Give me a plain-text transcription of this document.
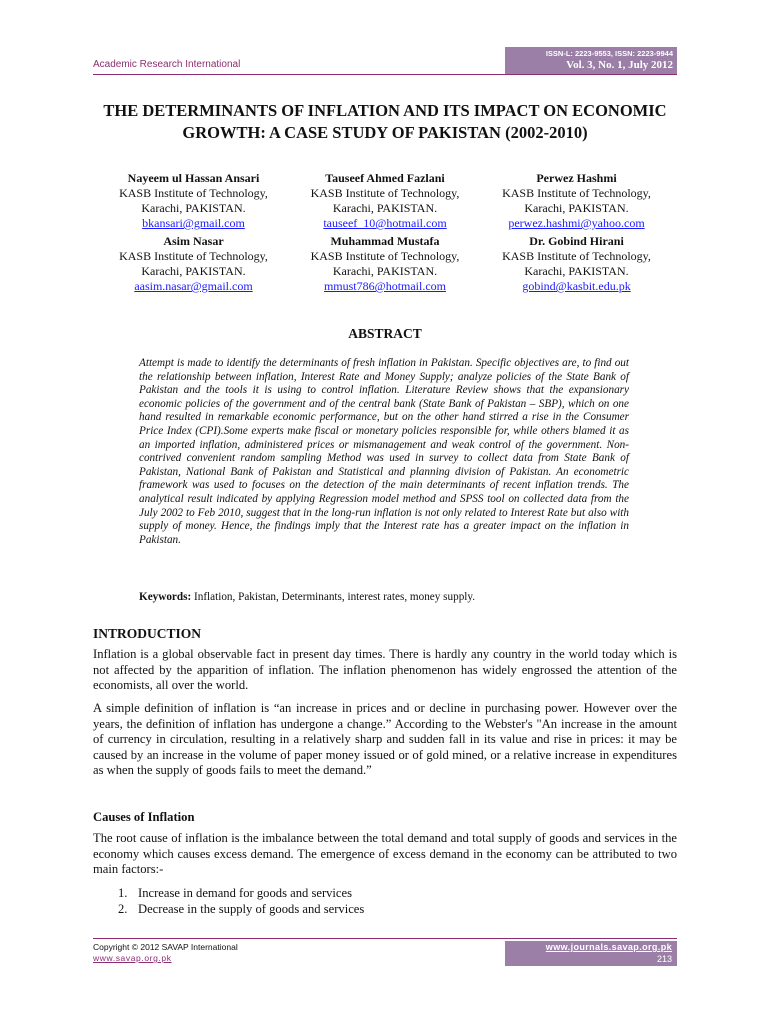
Academic Research International
ISSN-L: 2223-9553, ISSN: 2223-9944
Vol. 3, No. 1, July 2012
THE DETERMINANTS OF INFLATION AND ITS IMPACT ON ECONOMIC GROWTH: A CASE STUDY OF PAKISTAN (2002-2010)
Nayeem ul Hassan Ansari
KASB Institute of Technology,
Karachi, PAKISTAN.
bkansari@gmail.com
Tauseef Ahmed Fazlani
KASB Institute of Technology,
Karachi, PAKISTAN.
tauseef_10@hotmail.com
Perwez Hashmi
KASB Institute of Technology,
Karachi, PAKISTAN.
perwez.hashmi@yahoo.com
Asim Nasar
KASB Institute of Technology,
Karachi, PAKISTAN.
aasim.nasar@gmail.com
Muhammad Mustafa
KASB Institute of Technology,
Karachi, PAKISTAN.
mmust786@hotmail.com
Dr. Gobind Hirani
KASB Institute of Technology,
Karachi, PAKISTAN.
gobind@kasbit.edu.pk
ABSTRACT
Attempt is made to identify the determinants of fresh inflation in Pakistan. Specific objectives are, to find out the relationship between inflation, Interest Rate and Money Supply; analyze policies of the State Bank of Pakistan and the tools it is using to control inflation. Literature Review shows that the expansionary economic policies of the government and of the central bank (State Bank of Pakistan – SBP), which on one hand resulted in remarkable economic performance, but on the other hand stirred a rise in the Consumer Price Index (CPI).Some experts make fiscal or monetary policies responsible for, while others blamed it as an imported inflation, administered prices or mismanagement and weak control of the government. Non-contrived convenient random sampling Method was used in survey to collect data from State Bank of Pakistan, National Bank of Pakistan and Statistical and planning division of Pakistan. An econometric framework was used to focuses on the detection of the main determinants of recent inflation trends. The analytical result indicated by applying Regression model method and SPSS tool on collected data from the July 2002 to Feb 2010, suggest that in the long-run inflation is not only related to Interest Rate but also with supply of money. Hence, the findings imply that the Interest rate has a greater impact on the inflation in Pakistan.
Keywords: Inflation, Pakistan, Determinants, interest rates, money supply.
INTRODUCTION
Inflation is a global observable fact in present day times. There is hardly any country in the world today which is not affected by the apparition of inflation. The inflation phenomenon has widely engrossed the attention of the economists, all over the world.
A simple definition of inflation is “an increase in prices and or decline in purchasing power. However over the years, the definition of inflation has undergone a change.” According to the Webster's "An increase in the amount of currency in circulation, resulting in a relatively sharp and sudden fall in its value and rise in prices: it may be caused by an increase in the volume of paper money issued or of gold mined, or a relative increase in expenditures as when the supply of goods fails to meet the demand.”
Causes of Inflation
The root cause of inflation is the imbalance between the total demand and total supply of goods and services in the economy which causes excess demand. The emergence of excess demand in the economy can be attributed to two main factors:-
1. Increase in demand for goods and services
2. Decrease in the supply of goods and services
Copyright © 2012 SAVAP International
www.savap.org.pk
www.journals.savap.org.pk
213
